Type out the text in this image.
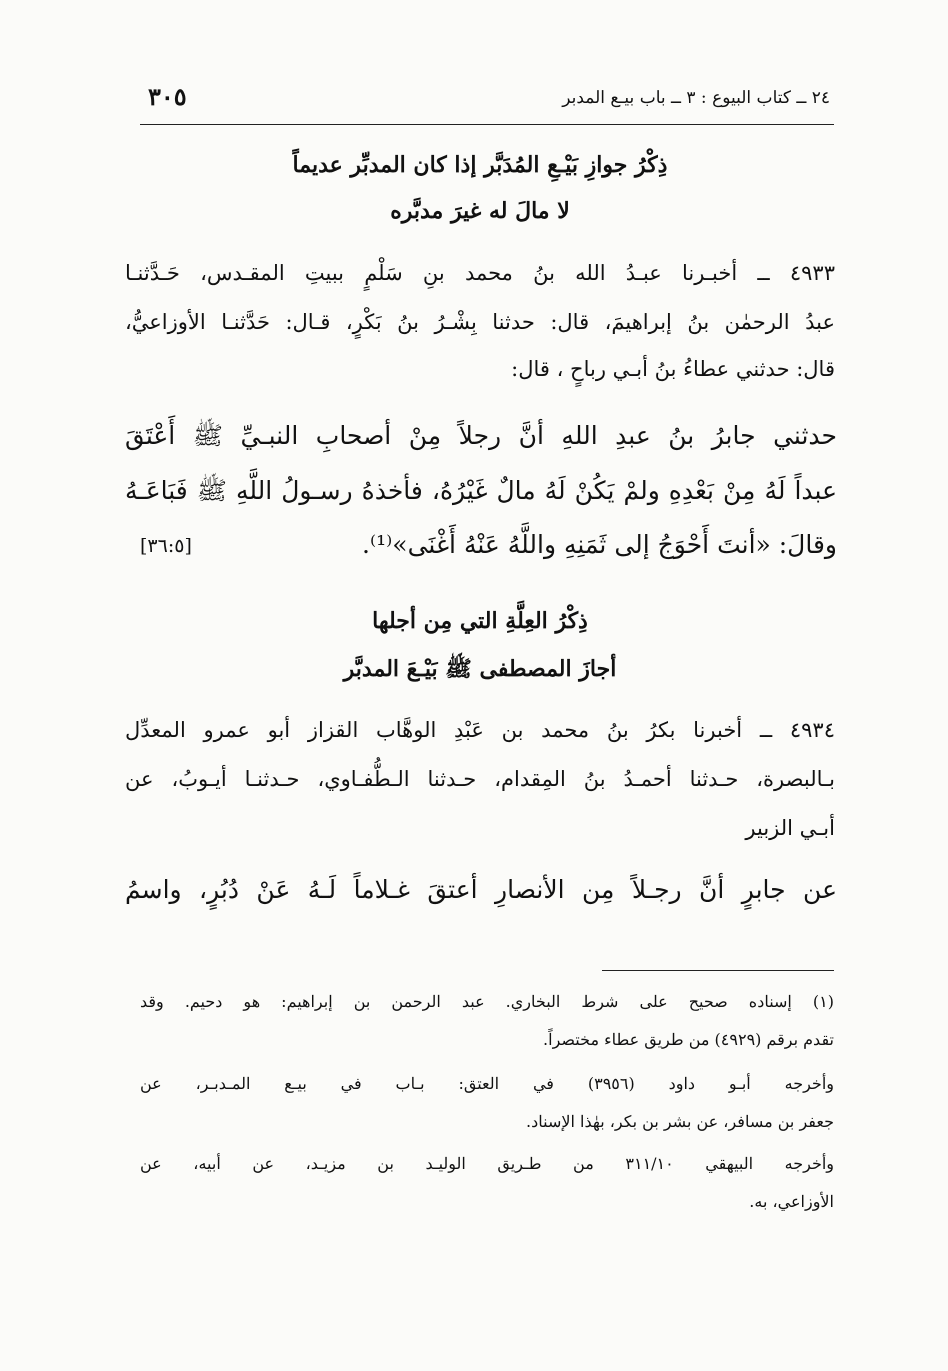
٣٠٥	٢٤ ــ كتاب البيوع : ٣ ــ باب بيـع المدبر
ذِكْرُ جوازِ بَيْـعِ المُدَبَّر إذا كان المدبِّر عديماً
لا مالَ له غيرَ مدبَّره
٤٩٣٣ ــ أخبـرنا عبـدُ الله بنُ محمد بنِ سَلْمٍ ببيتِ المقـدس، حَـدَّثنـا
عبدُ الرحمٰن بنُ إبراهيمَ، قال: حدثنا بِشْـرُ بنُ بَكْرٍ، قـال: حَدَّثنـا الأوزاعيُّ،
قال: حدثني عطاءُ بنُ أبـي رباحٍ ، قال:
حدثني جابرُ بنُ عبدِ اللهِ أنَّ رجلاً مِنْ أصحابِ النبـيِّ ﷺ أَعْتَقَ
عبداً لَهُ مِنْ بَعْدِهِ ولمْ يَكُنْ لَهُ مالٌ غَيْرُهُ، فأخذهُ رسـولُ اللَّهِ ﷺ فَبَاعَـهُ
وقالَ: «أنتَ أَحْوَجُ إلى ثَمَنِهِ واللَّهُ عَنْهُ أَغْنَى»⁽¹⁾.
[٣٦:٥]
ذِكْرُ العِلَّةِ التي مِن أجلها
أجازَ المصطفى ﷺ بَيْـعَ المدبَّر
٤٩٣٤ ــ أخبرنا بكرُ بنُ محمد بن عَبْدِ الوهَّاب القزاز أبو عمرو المعدِّل
بـالبصرة، حـدثنا أحمـدُ بنُ المِقدام، حـدثنا الـطُّفـاوي، حـدثنـا أيـوبُ، عن
أبـي الزبير
عن جابرٍ أنَّ رجـلاً مِن الأنصارِ أعتقَ غـلاماً لَـهُ عَنْ دُبُرٍ، واسمُ
(١) إسناده صحيح على شرط البخاري. عبد الرحمن بن إبراهيم: هو دحيم. وقد
تقدم برقم (٤٩٢٩) من طريق عطاء مختصراً.
وأخرجه أبـو داود (٣٩٥٦) في العتق: بـاب في بيـع المـدبـر، عن
جعفر بن مسافر، عن بشر بن بكر، بهٰذا الإسناد.
وأخرجه البيهقي ٣١١/١٠ من طـريق الوليـد بن مزيـد، عن أبيه، عن
الأوزاعي، به.
